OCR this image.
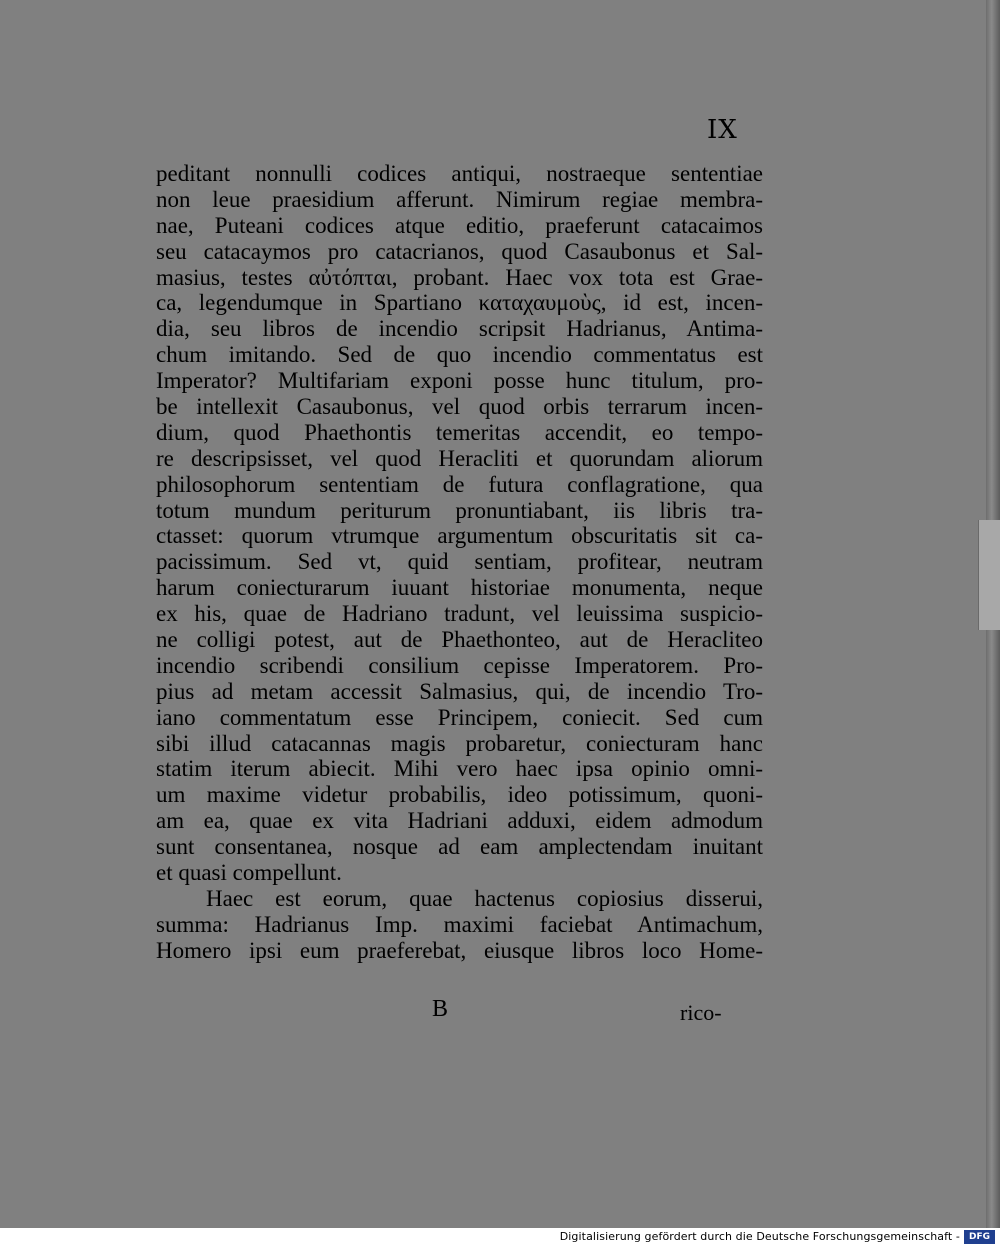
IX
peditant nonnulli codices antiqui, nostraeque sententiae
non leue praesidium afferunt. Nimirum regiae membra-
nae, Puteani codices atque editio, praeferunt catacaimos
seu catacaymos pro catacrianos, quod Casaubonus et Sal-
masius, testes αὐτόπται, probant. Haec vox tota est Grae-
ca, legendumque in Spartiano καταχαυμοὺς, id est, incen-
dia, seu libros de incendio scripsit Hadrianus, Antima-
chum imitando. Sed de quo incendio commentatus est
Imperator? Multifariam exponi posse hunc titulum, pro-
be intellexit Casaubonus, vel quod orbis terrarum incen-
dium, quod Phaethontis temeritas accendit, eo tempo-
re descripsisset, vel quod Heracliti et quorundam aliorum
philosophorum sententiam de futura conflagratione, qua
totum mundum periturum pronuntiabant, iis libris tra-
ctasset: quorum vtrumque argumentum obscuritatis sit ca-
pacissimum. Sed vt, quid sentiam, profitear, neutram
harum coniecturarum iuuant historiae monumenta, neque
ex his, quae de Hadriano tradunt, vel leuissima suspicio-
ne colligi potest, aut de Phaethonteo, aut de Heracliteo
incendio scribendi consilium cepisse Imperatorem. Pro-
pius ad metam accessit Salmasius, qui, de incendio Tro-
iano commentatum esse Principem, coniecit. Sed cum
sibi illud catacannas magis probaretur, coniecturam hanc
statim iterum abiecit. Mihi vero haec ipsa opinio omni-
um maxime videtur probabilis, ideo potissimum, quoni-
am ea, quae ex vita Hadriani adduxi, eidem admodum
sunt consentanea, nosque ad eam amplectendam inuitant
et quasi compellunt.
Haec est eorum, quae hactenus copiosius disserui,
summa: Hadrianus Imp. maximi faciebat Antimachum,
Homero ipsi eum praeferebat, eiusque libros loco Home-
B	rico-
Digitalisierung gefördert durch die Deutsche Forschungsgemeinschaft - DFG
